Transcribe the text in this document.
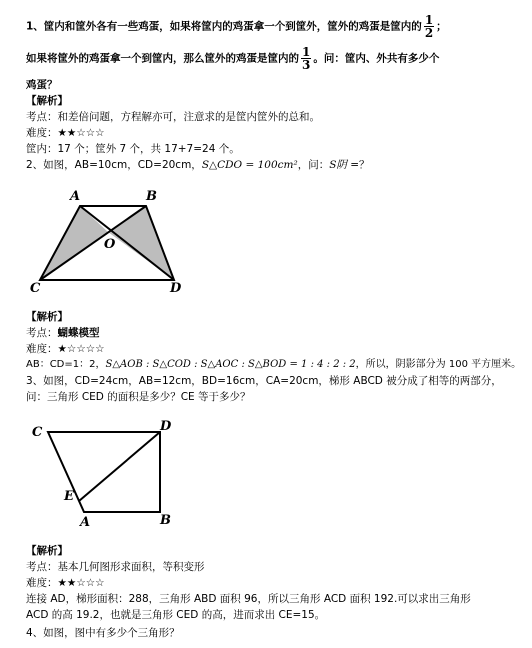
1、筐内和筐外各有一些鸡蛋，如果将筐内的鸡蛋拿一个到筐外，筐外的鸡蛋是筐内的 $\frac{1}{2}$ ；
如果将筐外的鸡蛋拿一个到筐内，那么筐外的鸡蛋是筐内的 $\frac{1}{3}$ 。问：筐内、外共有多少个
鸡蛋？
【解析】
考点：和差倍问题，方程解亦可，注意求的是筐内筐外的总和。
难度：★★☆☆☆
筐内：17 个；筐外 7 个，共 17+7=24 个。
2、如图，AB=10cm，CD=20cm，S△CDO = 100cm²，问：S阴 =？
A	B
O
C	D
【解析】
考点：蝴蝶模型
难度：★☆☆☆☆
AB：CD=1：2，S△AOB : S△COD : S△AOC : S△BOD = 1 : 4 : 2 : 2，所以，阴影部分为 100 平方厘米。
3、如图，CD=24cm，AB=12cm，BD=16cm，CA=20cm，梯形 ABCD 被分成了相等的两部分，
问：三角形 CED 的面积是多少？CE 等于多少？
C	D
E
A	B
【解析】
考点：基本几何图形求面积，等积变形
难度：★★☆☆☆
连接 AD，梯形面积：288，三角形 ABD 面积 96，所以三角形 ACD 面积 192.可以求出三角形
ACD 的高 19.2，也就是三角形 CED 的高，进而求出 CE=15。
4、如图，图中有多少个三角形？
